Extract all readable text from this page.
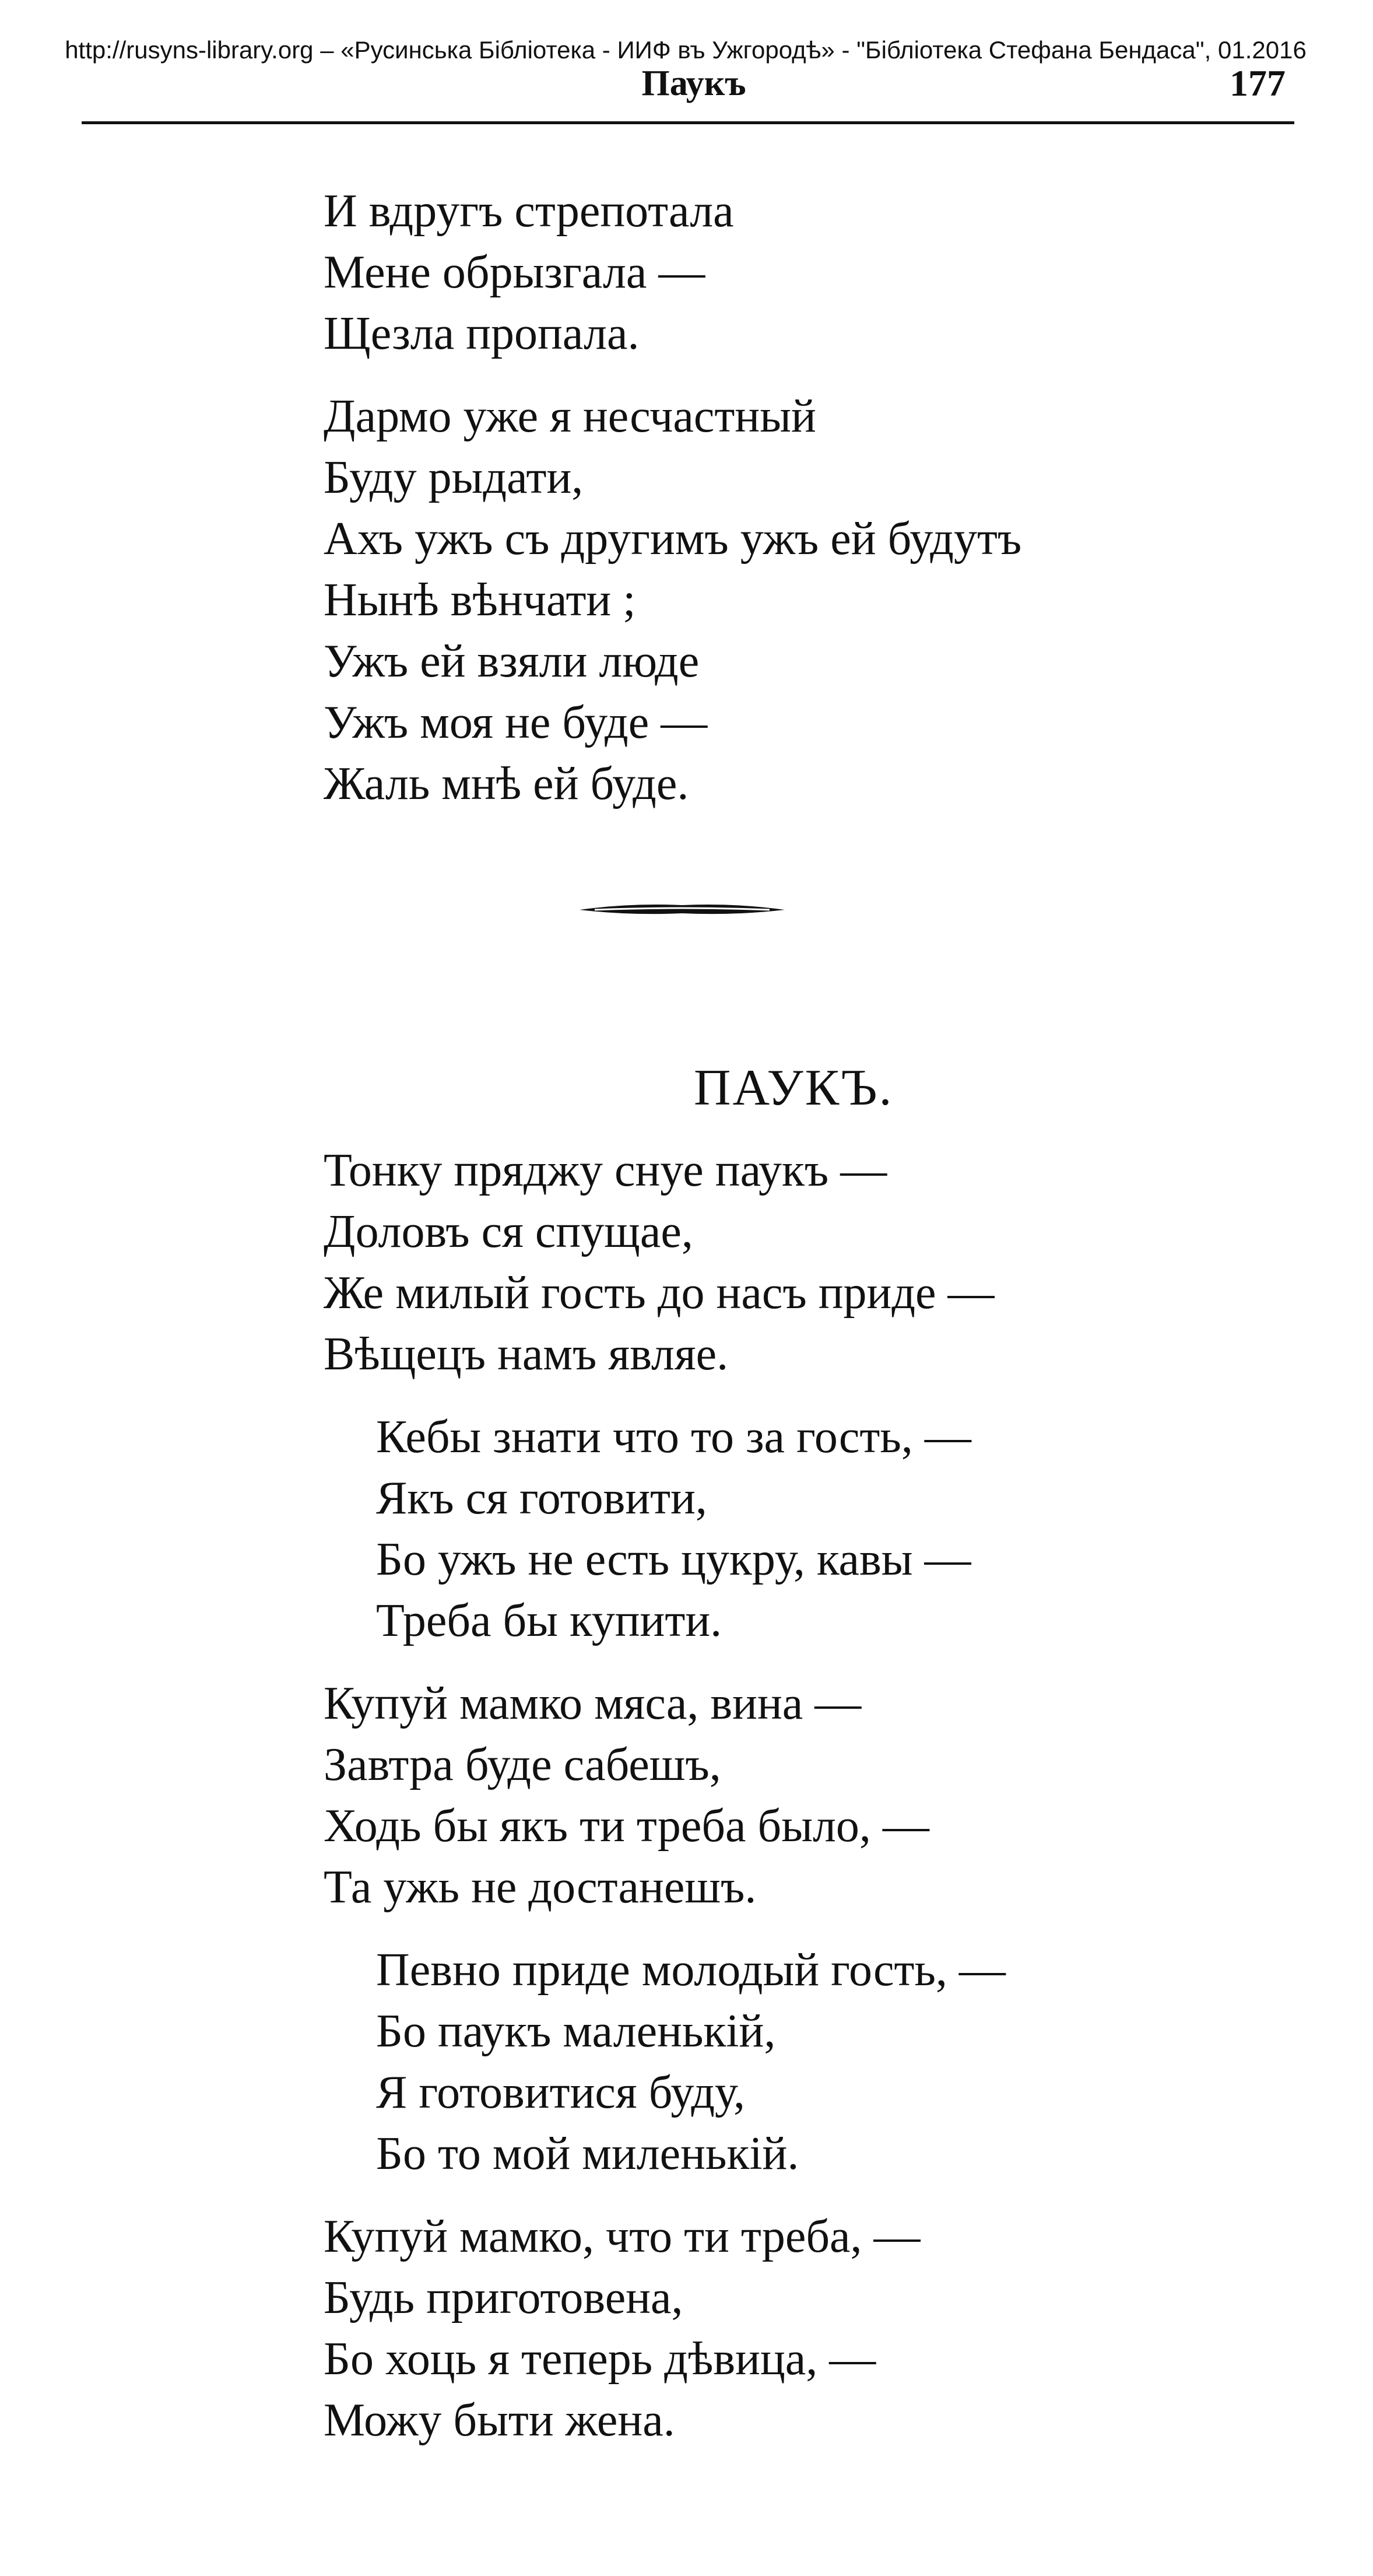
http://rusyns-library.org – «Русинська Бібліотека - ИИФ въ Ужгородѣ» - "Бібліотека Стефана Бендаса", 01.2016
Паукъ	177

И вдругъ стрепотала
Мене обрызгала —
Щезла пропала.

Дармо уже я несчастный
Буду рыдати,
Ахъ ужъ съ другимъ ужъ ей будутъ
Нынѣ вѣнчати ;
Ужъ ей взяли люде
Ужъ моя не буде —
Жаль мнѣ ей буде.

ПАУКЪ.

Тонку пряджу снуе паукъ —
Доловъ ся спущае,
Же милый гость до насъ приде —
Вѣщецъ намъ являе.

Кебы знати что то за гость, —
Якъ ся готовити,
Бо ужъ не есть цукру, кавы —
Треба бы купити.

Купуй мамко мяса, вина —
Завтра буде сабешъ,
Ходь бы якъ ти треба было, —
Та ужь не достанешъ.

Певно приде молодый гость, —
Бо паукъ маленькій,
Я готовитися буду,
Бо то мой миленькій.

Купуй мамко, что ти треба, —
Будь приготовена,
Бо хоць я теперь дѣвица, —
Можу быти жена.
